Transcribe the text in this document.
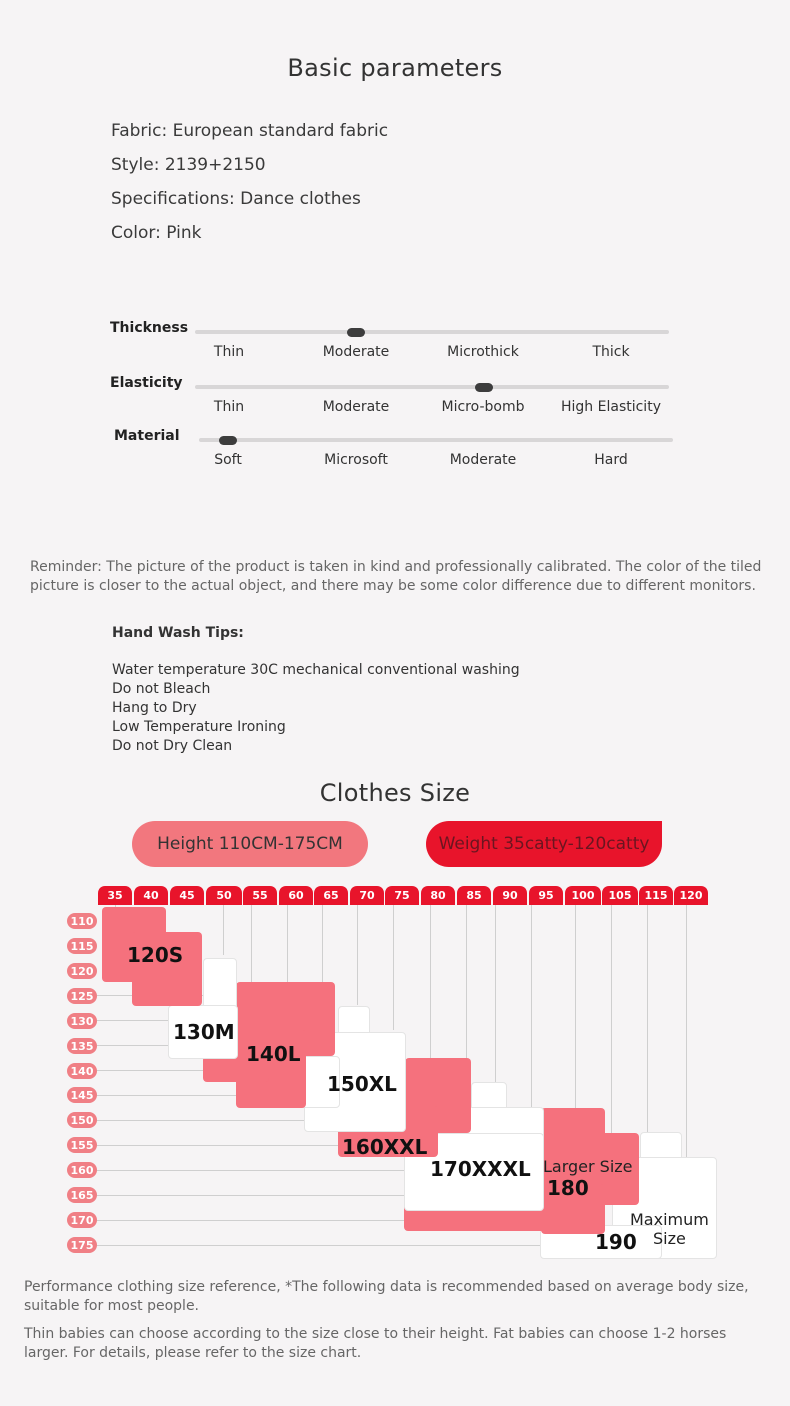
Basic parameters
Fabric: European standard fabric
Style: 2139+2150
Specifications: Dance clothes
Color: Pink
Thickness
Thin	Moderate	Microthick	Thick
Elasticity
Thin	Moderate	Micro-bomb	High Elasticity
Material
Soft	Microsoft	Moderate	Hard
Reminder: The picture of the product is taken in kind and professionally calibrated. The color of the tiled picture is closer to the actual object, and there may be some color difference due to different monitors.
Hand Wash Tips:
Water temperature 30C mechanical conventional washing
Do not Bleach
Hang to Dry
Low Temperature Ironing
Do not Dry Clean
Clothes Size
Height 110CM-175CM	Weight 35catty-120catty
35	40	45	50	55	60	65	70	75	80	85	90	95	100	105	115	120
110
115
120
125
130
135
140
145
150
155
160
165
170
175
120S
130M
140L
150XL
160XXL
170XXXL Larger Size
180
Maximum
Size
190
Performance clothing size reference, *The following data is recommended based on average body size, suitable for most people.
Thin babies can choose according to the size close to their height. Fat babies can choose 1-2 horses larger. For details, please refer to the size chart.
